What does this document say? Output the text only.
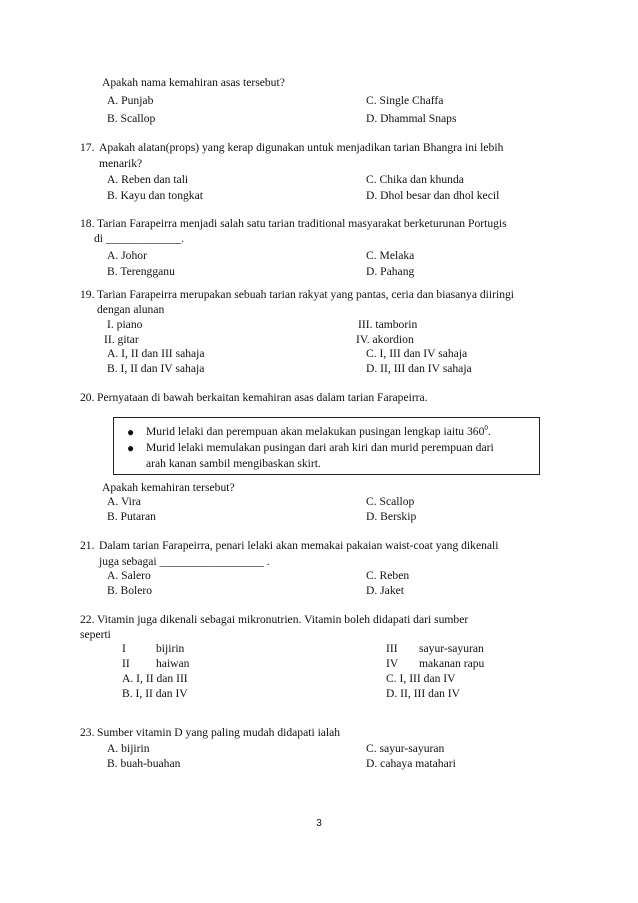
Apakah nama kemahiran asas tersebut?
A. Punjab
B. Scallop
C. Single Chaffa
D. Dhammal Snaps
17. Apakah alatan(props) yang kerap digunakan untuk menjadikan tarian Bhangra ini lebih
menarik?
A. Reben dan tali
B. Kayu dan tongkat
C. Chika dan khunda
D. Dhol besar dan dhol kecil
18. Tarian Farapeirra menjadi salah satu tarian traditional masyarakat berketurunan Portugis
di _____________.
A. Johor
B. Terengganu
C. Melaka
D. Pahang
19. Tarian Farapeirra merupakan sebuah tarian rakyat yang pantas, ceria dan biasanya diiringi
dengan alunan
I. piano
II. gitar
III. tamborin
IV. akordion
A. I, II dan III sahaja
B. I, II dan IV sahaja
C. I, III dan IV sahaja
D. II, III dan IV sahaja
20. Pernyataan di bawah berkaitan kemahiran asas dalam tarian Farapeirra.
● Murid lelaki dan perempuan akan melakukan pusingan lengkap iaitu $360^0$.
● Murid lelaki memulakan pusingan dari arah kiri dan murid perempuan dari
arah kanan sambil mengibaskan skirt.
Apakah kemahiran tersebut?
A. Vira
B. Putaran
C. Scallop
D. Berskip
21. Dalam tarian Farapeirra, penari lelaki akan memakai pakaian waist-coat yang dikenali
juga sebagai __________________ .
A. Salero
B. Bolero
C. Reben
D. Jaket
22. Vitamin juga dikenali sebagai mikronutrien. Vitamin boleh didapati dari sumber
seperti
I	bijirin
II haiwan
III sayur-sayuran
IV makanan rapu
A. I, II dan III
B. I, II dan IV
C. I, III dan IV
D. II, III dan IV
23. Sumber vitamin D yang paling mudah didapati ialah
A. bijirin
B. buah-buahan
C. sayur-sayuran
D. cahaya matahari
3
